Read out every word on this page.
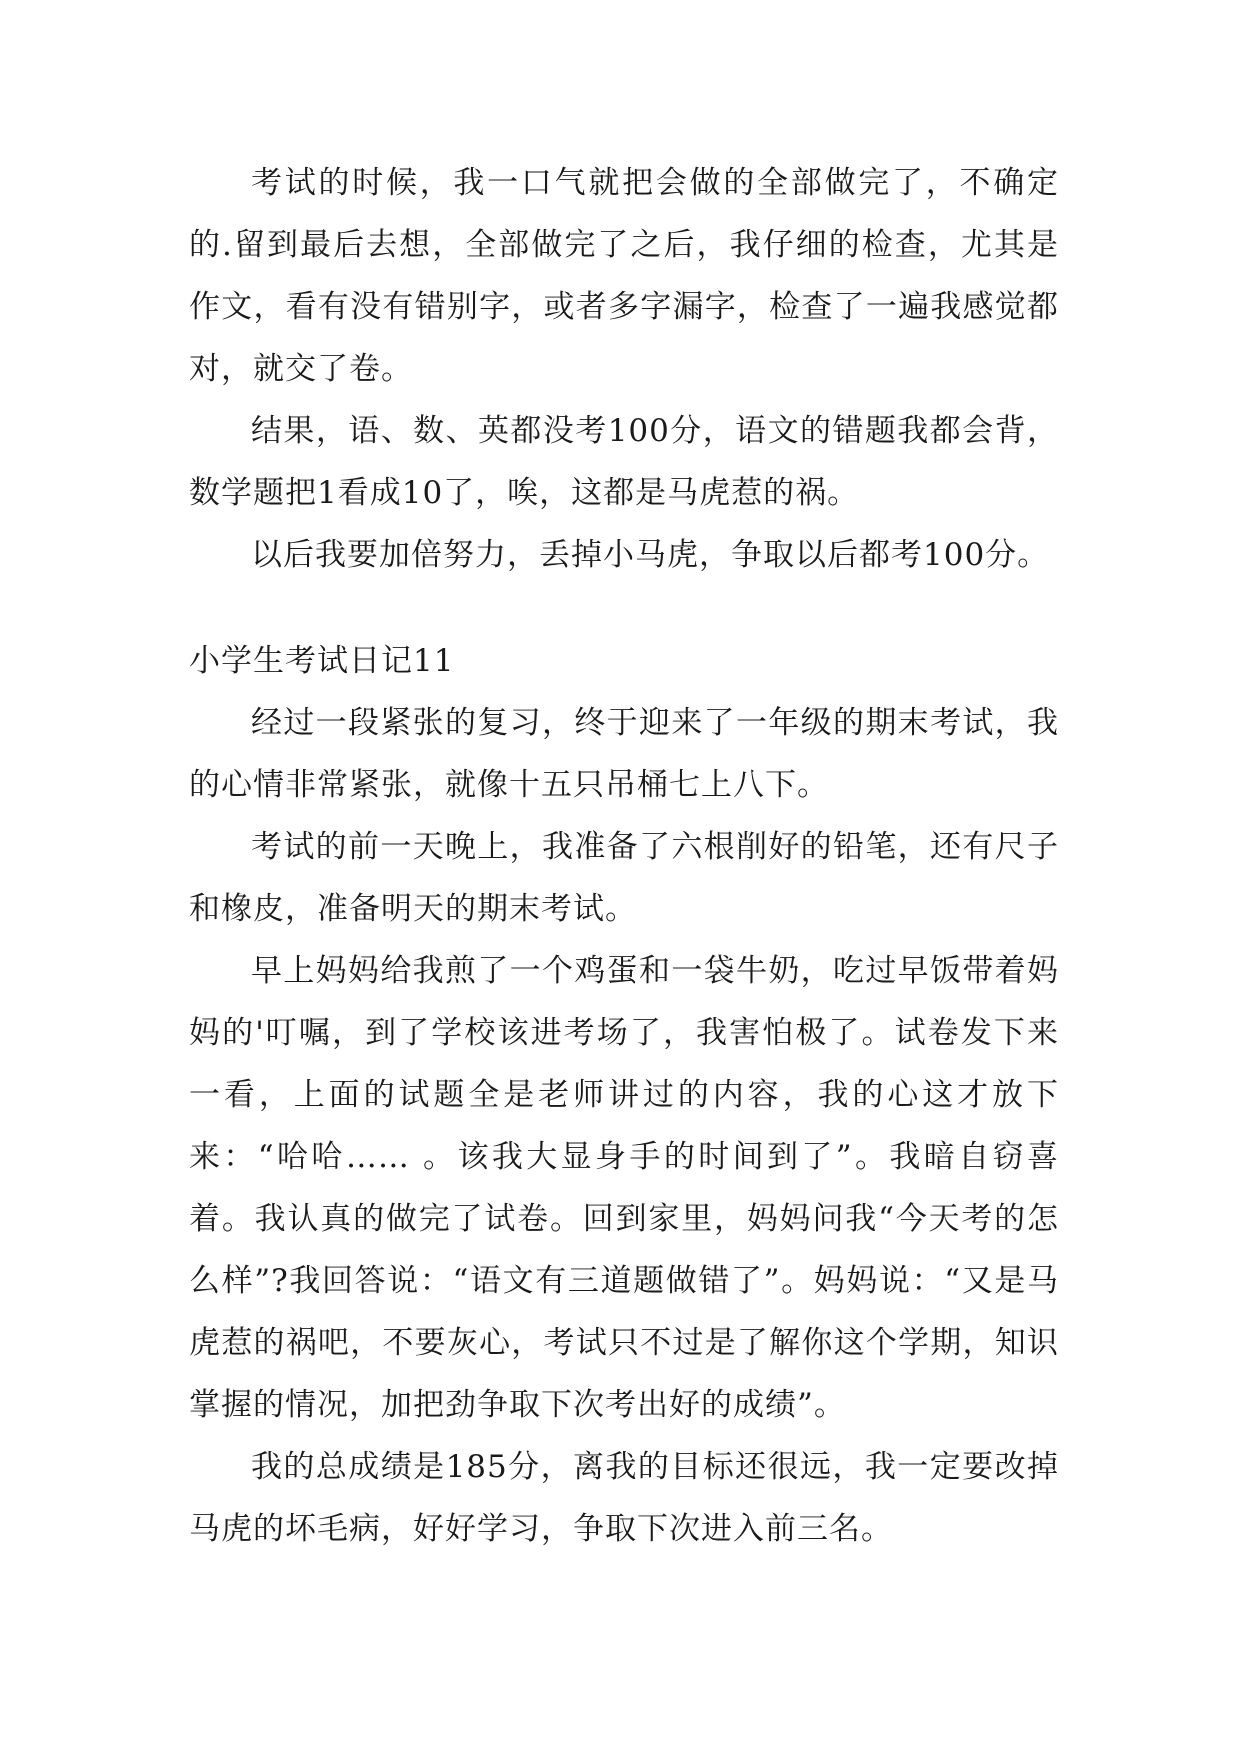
考试的时候，我一口气就把会做的全部做完了，不确定的.留到最后去想，全部做完了之后，我仔细的检查，尤其是作文，看有没有错别字，或者多字漏字，检查了一遍我感觉都对，就交了卷。

结果，语、数、英都没考100分，语文的错题我都会背，数学题把1看成10了，唉，这都是马虎惹的祸。

以后我要加倍努力，丢掉小马虎，争取以后都考100分。

小学生考试日记11

经过一段紧张的复习，终于迎来了一年级的期末考试，我的心情非常紧张，就像十五只吊桶七上八下。

考试的前一天晚上，我准备了六根削好的铅笔，还有尺子和橡皮，准备明天的期末考试。

早上妈妈给我煎了一个鸡蛋和一袋牛奶，吃过早饭带着妈妈的'叮嘱，到了学校该进考场了，我害怕极了。试卷发下来一看，上面的试题全是老师讲过的内容，我的心这才放下来：“哈哈…… 。该我大显身手的时间到了”。我暗自窃喜着。我认真的做完了试卷。回到家里，妈妈问我“今天考的怎么样”?我回答说：“语文有三道题做错了”。妈妈说：“又是马虎惹的祸吧，不要灰心，考试只不过是了解你这个学期，知识掌握的情况，加把劲争取下次考出好的成绩”。

我的总成绩是185分，离我的目标还很远，我一定要改掉马虎的坏毛病，好好学习，争取下次进入前三名。
